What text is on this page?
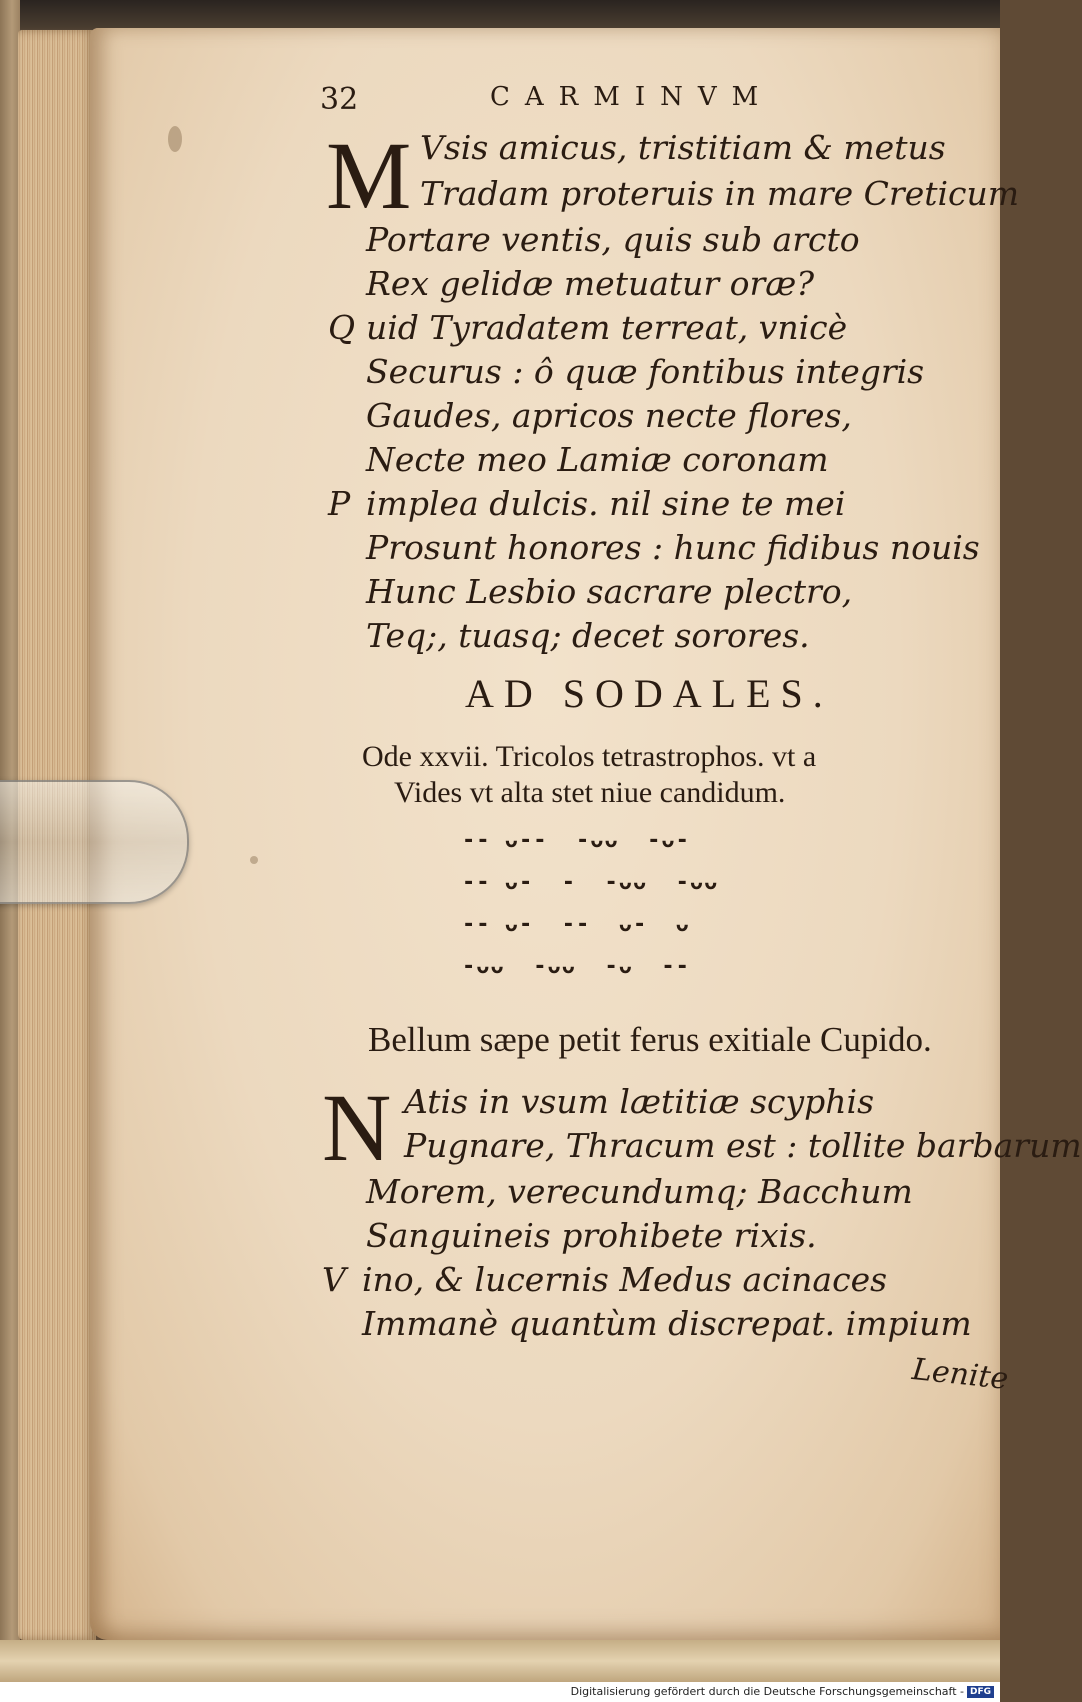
32	CARMINVM
M Vsis amicus, tristitiam & metus
Tradam proteruis in mare Creticum
Portare ventis, quis sub arcto
Rex gelidæ metuatur oræ?
Q uid Tyradatem terreat, vnicè
Securus : ô quæ fontibus integris
Gaudes, apricos necte flores,
Necte meo Lamiæ coronam
P implea dulcis. nil sine te mei
Prosunt honores : hunc fidibus nouis
Hunc Lesbio sacrare plectro,
Teq;, tuasq; decet sorores.
AD SODALES.
Ode xxvii. Tricolos tetrastrophos. vt a
Vides vt alta stet niue candidum.
-- ᴗ--  -ᴗᴗ  -ᴗ-
-- ᴗ-  -  -ᴗᴗ  -ᴗᴗ
-- ᴗ-  --  ᴗ-  ᴗ
-ᴗᴗ  -ᴗᴗ  -ᴗ  --
Bellum sæpe petit ferus exitiale Cupido.
N Atis in vsum lætitiæ scyphis
Pugnare, Thracum est : tollite barbarum
Morem, verecundumq; Bacchum
Sanguineis prohibete rixis.
V ino, & lucernis Medus acinaces
Immanè quantùm discrepat. impium
Lenite
Digitalisierung gefördert durch die Deutsche Forschungsgemeinschaft - DFG
